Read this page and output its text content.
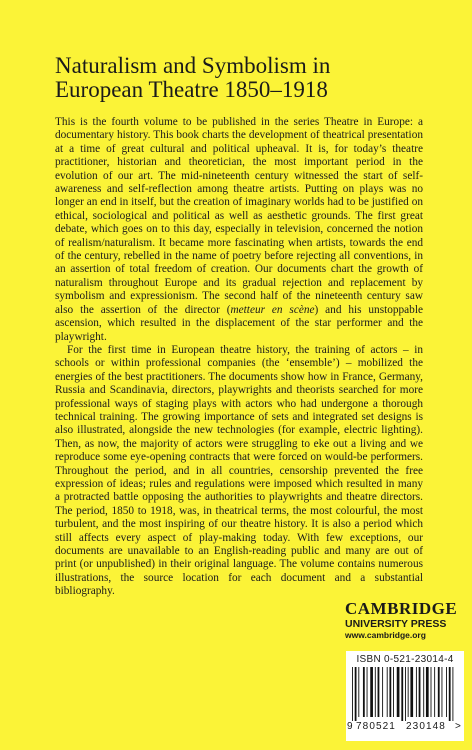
Naturalism and Symbolism in
European Theatre 1850–1918

This is the fourth volume to be published in the series Theatre in Europe: a documentary history. This book charts the development of theatrical presentation at a time of great cultural and political upheaval. It is, for today’s theatre practitioner, historian and theoretician, the most important period in the evolution of our art. The mid-nineteenth century witnessed the start of self-awareness and self-reflection among theatre artists. Putting on plays was no longer an end in itself, but the creation of imaginary worlds had to be justified on ethical, sociological and political as well as aesthetic grounds. The first great debate, which goes on to this day, especially in television, concerned the notion of realism/naturalism. It became more fascinating when artists, towards the end of the century, rebelled in the name of poetry before rejecting all conventions, in an assertion of total freedom of creation. Our documents chart the growth of naturalism throughout Europe and its gradual rejection and replacement by symbolism and expressionism. The second half of the nineteenth century saw also the assertion of the director (metteur en scène) and his unstoppable ascension, which resulted in the displacement of the star performer and the playwright.

For the first time in European theatre history, the training of actors – in schools or within professional companies (the ‘ensemble’) – mobilized the energies of the best practitioners. The documents show how in France, Germany, Russia and Scandinavia, directors, playwrights and theorists searched for more professional ways of staging plays with actors who had undergone a thorough technical training. The growing importance of sets and integrated set designs is also illustrated, alongside the new technologies (for example, electric lighting). Then, as now, the majority of actors were struggling to eke out a living and we reproduce some eye-opening contracts that were forced on would-be performers. Throughout the period, and in all countries, censorship prevented the free expression of ideas; rules and regulations were imposed which resulted in many a protracted battle opposing the authorities to playwrights and theatre directors. The period, 1850 to 1918, was, in theatrical terms, the most colourful, the most turbulent, and the most inspiring of our theatre history. It is also a period which still affects every aspect of play-making today. With few exceptions, our documents are unavailable to an English-reading public and many are out of print (or unpublished) in their original language. The volume contains numerous illustrations, the source location for each document and a substantial bibliography.

CAMBRIDGE
UNIVERSITY PRESS
www.cambridge.org
ISBN 0-521-23014-4
9 780521 230148 >
